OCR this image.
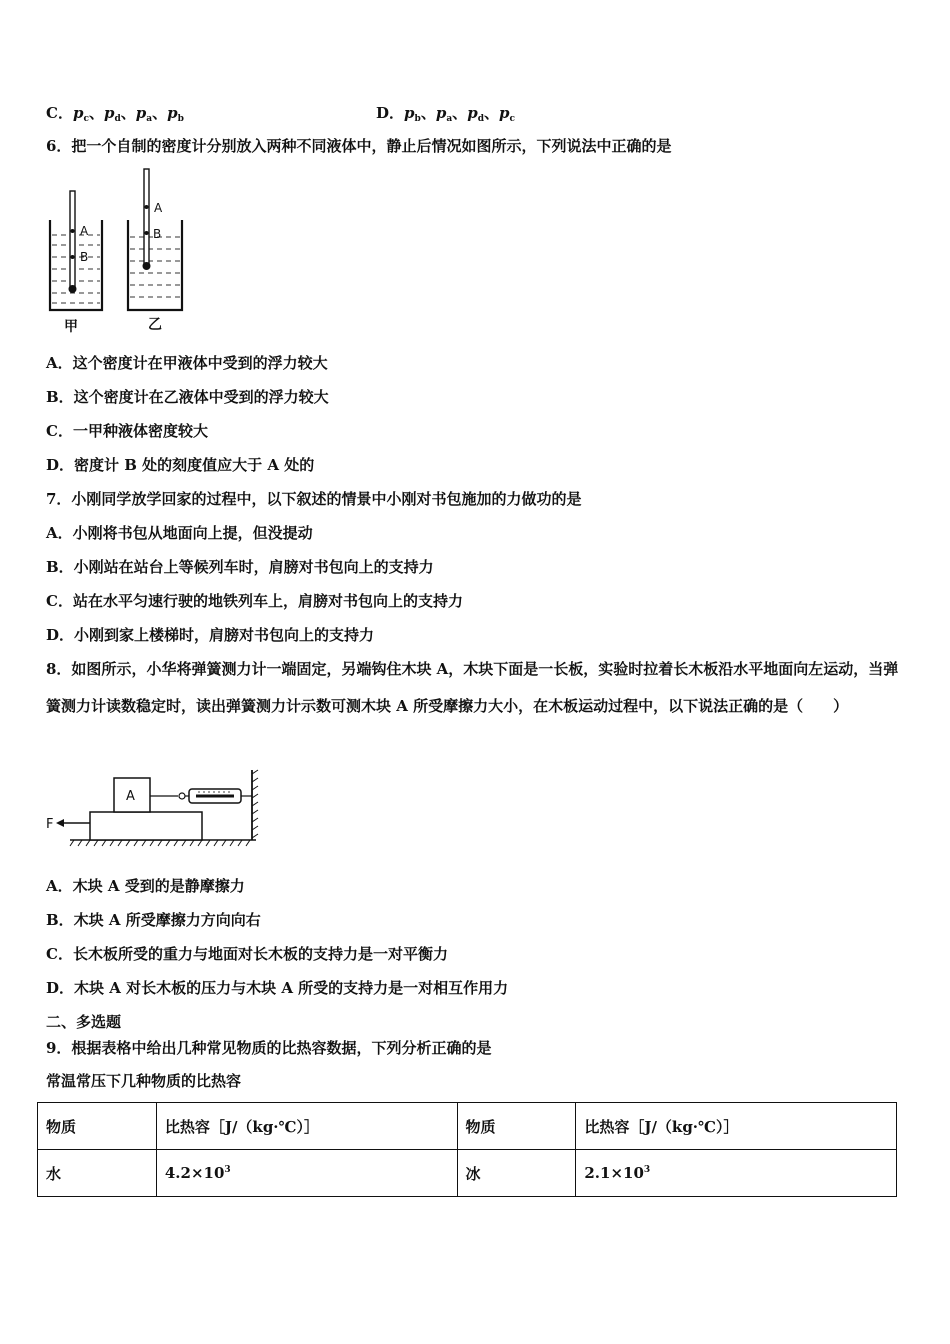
C．$p_c$、$p_d$、$p_a$、$p_b$	D．$p_b$、$p_a$、$p_d$、$p_c$
6．把一个自制的密度计分别放入两种不同液体中，静止后情况如图所示，下列说法中正确的是
A
B
甲
A
B
乙
A．这个密度计在甲液体中受到的浮力较大
B．这个密度计在乙液体中受到的浮力较大
C．一甲种液体密度较大
D．密度计 B 处的刻度值应大于 A 处的
7．小刚同学放学回家的过程中，以下叙述的情景中小刚对书包施加的力做功的是
A．小刚将书包从地面向上提，但没提动
B．小刚站在站台上等候列车时，肩膀对书包向上的支持力
C．站在水平匀速行驶的地铁列车上，肩膀对书包向上的支持力
D．小刚到家上楼梯时，肩膀对书包向上的支持力
8．如图所示，小华将弹簧测力计一端固定，另端钩住木块 A，木块下面是一长板，实验时拉着长木板沿水平地面向左运动，当弹簧测力计读数稳定时，读出弹簧测力计示数可测木块 A 所受摩擦力大小，在木板运动过程中，以下说法正确的是（　　）
A
F
A．木块 A 受到的是静摩擦力
B．木块 A 所受摩擦力方向向右
C．长木板所受的重力与地面对长木板的支持力是一对平衡力
D．木块 A 对长木板的压力与木块 A 所受的支持力是一对相互作用力
二、多选题
9．根据表格中给出几种常见物质的比热容数据，下列分析正确的是
常温常压下几种物质的比热容
物质	比热容［J/（kg·℃）］	物质	比热容［J/（kg·℃）］
水	$4.2\times 10^3$	冰	$2.1\times 10^3$
